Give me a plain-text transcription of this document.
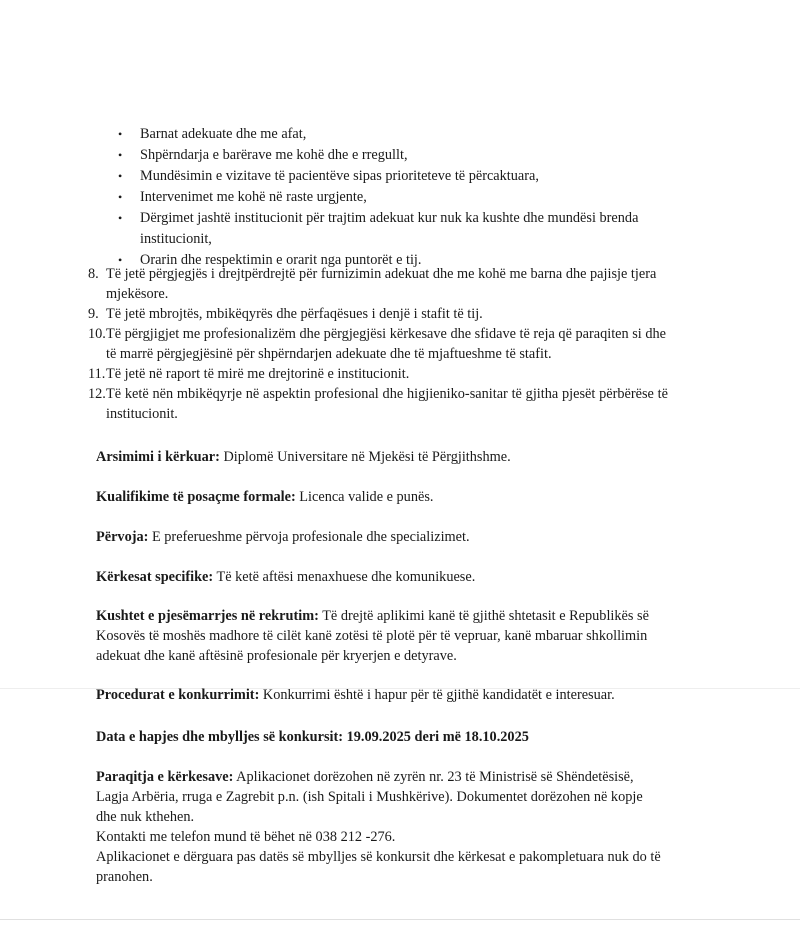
• Barnat adekuate dhe me afat,
• Shpërndarja e barërave me kohë dhe e rregullt,
• Mundësimin e vizitave të pacientëve sipas prioriteteve të përcaktuara,
• Intervenimet me kohë në raste urgjente,
• Dërgimet jashtë institucionit për trajtim adekuat kur nuk ka kushte dhe mundësi brenda
institucionit,
• Orarin dhe respektimin e orarit nga puntorët e tij.
8. Të jetë përgjegjës i drejtpërdrejtë për furnizimin adekuat dhe me kohë me barna dhe pajisje tjera mjekësore.
9. Të jetë mbrojtës, mbikëqyrës dhe përfaqësues i denjë i stafit të tij.
10. Të përgjigjet me profesionalizëm dhe përgjegjësi kërkesave dhe sfidave të reja që paraqiten si dhe të marrë përgjegjësinë për shpërndarjen adekuate dhe të mjaftueshme të stafit.
11. Të jetë në raport të mirë me drejtorinë e institucionit.
12. Të ketë nën mbikëqyrje në aspektin profesional dhe higjieniko-sanitar të gjitha pjesët përbërëse të institucionit.
Arsimimi i kërkuar: Diplomë Universitare në Mjekësi të Përgjithshme.
Kualifikime të posaçme formale: Licenca valide e punës.
Përvoja: E preferueshme përvoja profesionale dhe specializimet.
Kërkesat specifike: Të ketë aftësi menaxhuese dhe komunikuese.
Kushtet e pjesëmarrjes në rekrutim: Të drejtë aplikimi kanë të gjithë shtetasit e Republikës së Kosovës të moshës madhore të cilët kanë zotësi të plotë për të vepruar, kanë mbaruar shkollimin adekuat dhe kanë aftësinë profesionale për kryerjen e detyrave.
Procedurat e konkurrimit: Konkurrimi është i hapur për të gjithë kandidatët e interesuar.
Data e hapjes dhe mbylljes së konkursit: 19.09.2025 deri më 18.10.2025
Paraqitja e kërkesave: Aplikacionet dorëzohen në zyrën nr. 23 të Ministrisë së Shëndetësisë, Lagja Arbëria, rruga e Zagrebit p.n. (ish Spitali i Mushkërive). Dokumentet dorëzohen në kopje dhe nuk kthehen.
Kontakti me telefon mund të bëhet në 038 212 -276.
Aplikacionet e dërguara pas datës së mbylljes së konkursit dhe kërkesat e pakompletuara nuk do të pranohen.
